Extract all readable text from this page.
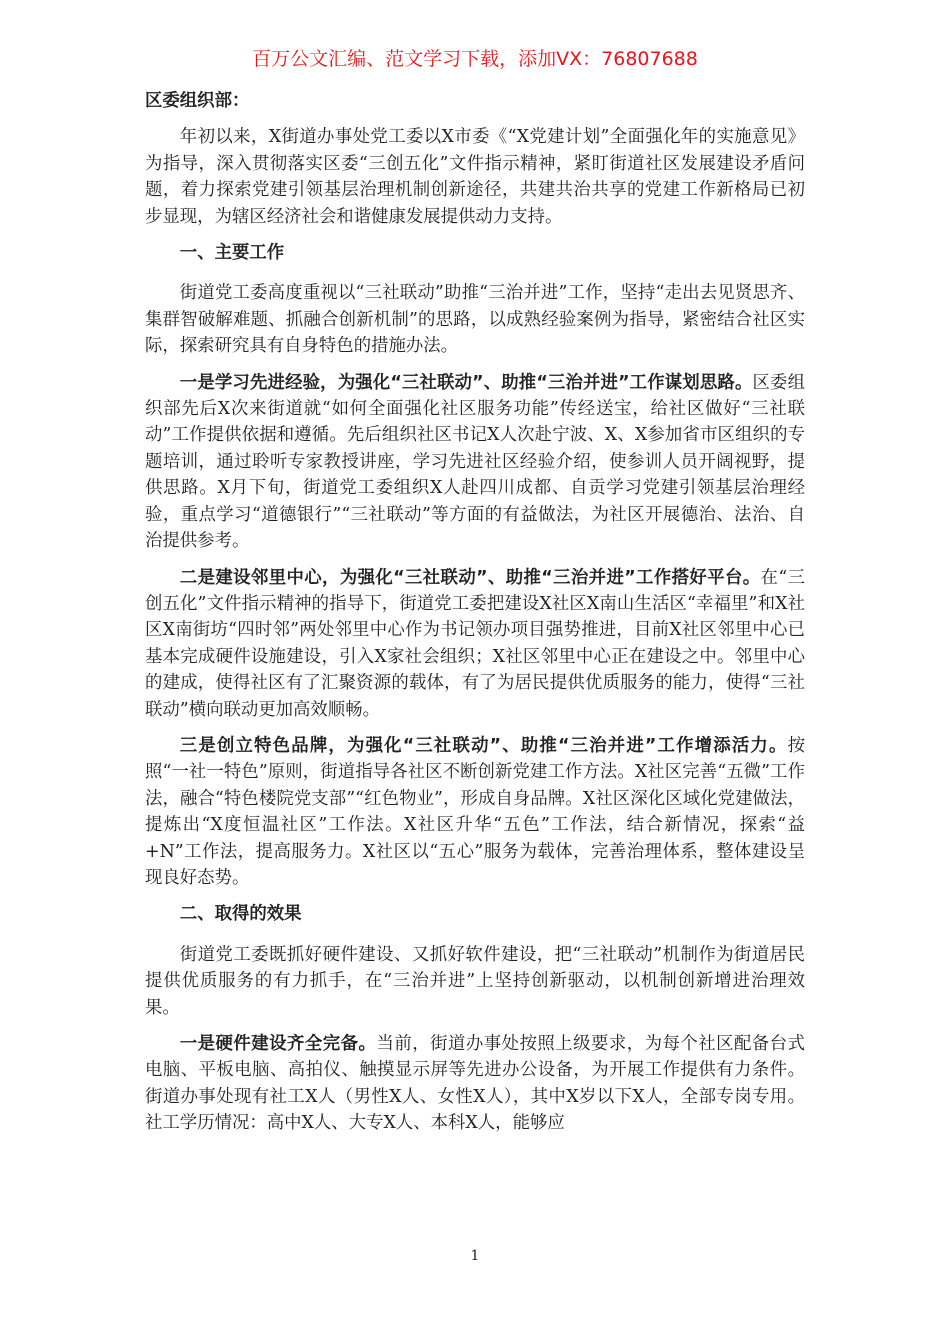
百万公文汇编、范文学习下载，添加VX：76807688

区委组织部：

年初以来，X街道办事处党工委以X市委《“X党建计划”全面强化年的实施意见》为指导，深入贯彻落实区委“三创五化”文件指示精神，紧盯街道社区发展建设矛盾问题，着力探索党建引领基层治理机制创新途径，共建共治共享的党建工作新格局已初步显现，为辖区经济社会和谐健康发展提供动力支持。

一、主要工作

街道党工委高度重视以“三社联动”助推“三治并进”工作，坚持“走出去见贤思齐、集群智破解难题、抓融合创新机制”的思路，以成熟经验案例为指导，紧密结合社区实际，探索研究具有自身特色的措施办法。

一是学习先进经验，为强化“三社联动”、助推“三治并进”工作谋划思路。区委组织部先后X次来街道就“如何全面强化社区服务功能”传经送宝，给社区做好“三社联动”工作提供依据和遵循。先后组织社区书记X人次赴宁波、X、X参加省市区组织的专题培训，通过聆听专家教授讲座，学习先进社区经验介绍，使参训人员开阔视野，提供思路。X月下旬，街道党工委组织X人赴四川成都、自贡学习党建引领基层治理经验，重点学习“道德银行”“三社联动”等方面的有益做法，为社区开展德治、法治、自治提供参考。

二是建设邻里中心，为强化“三社联动”、助推“三治并进”工作搭好平台。在“三创五化”文件指示精神的指导下，街道党工委把建设X社区X南山生活区“幸福里”和X社区X南街坊“四时邻”两处邻里中心作为书记领办项目强势推进，目前X社区邻里中心已基本完成硬件设施建设，引入X家社会组织；X社区邻里中心正在建设之中。邻里中心的建成，使得社区有了汇聚资源的载体，有了为居民提供优质服务的能力，使得“三社联动”横向联动更加高效顺畅。

三是创立特色品牌，为强化“三社联动”、助推“三治并进”工作增添活力。按照“一社一特色”原则，街道指导各社区不断创新党建工作方法。X社区完善“五微”工作法，融合“特色楼院党支部”“红色物业”，形成自身品牌。X社区深化区域化党建做法，提炼出“X度恒温社区”工作法。X社区升华“五色”工作法，结合新情况，探索“益+N”工作法，提高服务力。X社区以“五心”服务为载体，完善治理体系，整体建设呈现良好态势。

二、取得的效果

街道党工委既抓好硬件建设、又抓好软件建设，把“三社联动”机制作为街道居民提供优质服务的有力抓手，在“三治并进”上坚持创新驱动，以机制创新增进治理效果。

一是硬件建设齐全完备。当前，街道办事处按照上级要求，为每个社区配备台式电脑、平板电脑、高拍仪、触摸显示屏等先进办公设备，为开展工作提供有力条件。街道办事处现有社工X人（男性X人、女性X人），其中X岁以下X人，全部专岗专用。社工学历情况：高中X人、大专X人、本科X人，能够应

1
